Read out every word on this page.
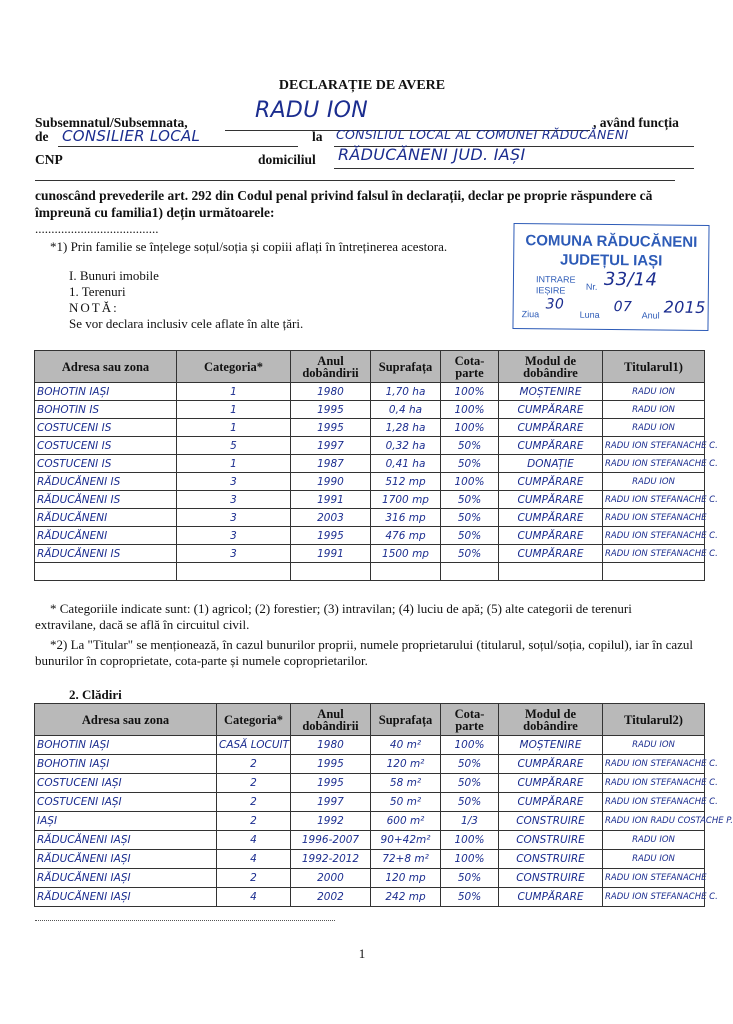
DECLARAȚIE DE AVERE
Subsemnatul/Subsemnata,	RADU ION	, având funcția
de CONSILIER LOCAL	la CONSILIUL LOCAL AL COMUNEI RĂDUCĂNENI
CNP	domiciliul RĂDUCĂNENI JUD. IAȘI
cunoscând prevederile art. 292 din Codul penal privind falsul în declarații, declar pe proprie răspundere că împreună cu familia1) dețin următoarele:
......................................
*1) Prin familie se înțelege soțul/soția și copiii aflați în întreținerea acestora.	COMUNA RĂDUCĂNENI
JUDEȚUL IAȘI
INTRARE
IEȘIRE Nr. 33/14
Ziua
30
Luna 07
Anul 2015
I. Bunuri imobile
1. Terenuri
NOTĂ:
Se vor declara inclusiv cele aflate în alte țări.
Adresa sau zona	Categoria*	Anul dobândirii	Suprafața	Cota-parte	Modul de dobândire	Titularul1)
BOHOTIN IAȘI	1	1980	1,70 ha	100%	MOȘTENIRE	RADU ION
BOHOTIN IS	1	1995	0,4 ha	100%	CUMPĂRARE	RADU ION
COSTUCENI IS	1	1995	1,28 ha	100%	CUMPĂRARE	RADU ION
COSTUCENI IS	5	1997	0,32 ha	50%	CUMPĂRARE	RADU ION STEFANACHE C.
COSTUCENI IS	1	1987	0,41 ha	50%	DONAȚIE	RADU ION STEFANACHE C.
RĂDUCĂNENI IS	3	1990	512 mp	100%	CUMPĂRARE	RADU ION
RĂDUCĂNENI IS	3	1991	1700 mp	50%	CUMPĂRARE	RADU ION STEFANACHE C.
RĂDUCĂNENI	3	2003	316 mp	50%	CUMPĂRARE	RADU ION STEFANACHE
RĂDUCĂNENI	3	1995	476 mp	50%	CUMPĂRARE	RADU ION STEFANACHE C.
RĂDUCĂNENI IS	3	1991	1500 mp	50%	CUMPĂRARE	RADU ION STEFANACHE C.

* Categoriile indicate sunt: (1) agricol; (2) forestier; (3) intravilan; (4) luciu de apă; (5) alte categorii de terenuri extravilane, dacă se află în circuitul civil.
*2) La "Titular" se menționează, în cazul bunurilor proprii, numele proprietarului (titularul, soțul/soția, copilul), iar în cazul bunurilor în coproprietate, cota-parte și numele coproprietarilor.
2. Clădiri
Adresa sau zona	Categoria*	Anul dobândirii	Suprafața	Cota-parte	Modul de dobândire	Titularul2)
BOHOTIN IAȘI	CASĂ LOCUIT	1980	40 m²	100%	MOȘTENIRE	RADU ION
BOHOTIN IAȘI	2	1995	120 m²	50%	CUMPĂRARE	RADU ION STEFANACHE C.
COSTUCENI IAȘI	2	1995	58 m²	50%	CUMPĂRARE	RADU ION STEFANACHE C.
COSTUCENI IAȘI	2	1997	50 m²	50%	CUMPĂRARE	RADU ION STEFANACHE C.
IAȘI	2	1992	600 m²	1/3	CONSTRUIRE	RADU ION RADU COSTACHE P.
RĂDUCĂNENI IAȘI	4	1996-2007	90+42m²	100%	CONSTRUIRE	RADU ION
RĂDUCĂNENI IAȘI	4	1992-2012	72+8 m²	100%	CONSTRUIRE	RADU ION
RĂDUCĂNENI IAȘI	2	2000	120 mp	50%	CONSTRUIRE	RADU ION STEFANACHE
RĂDUCĂNENI IAȘI	4	2002	242 mp	50%	CUMPĂRARE	RADU ION STEFANACHE C.
1
